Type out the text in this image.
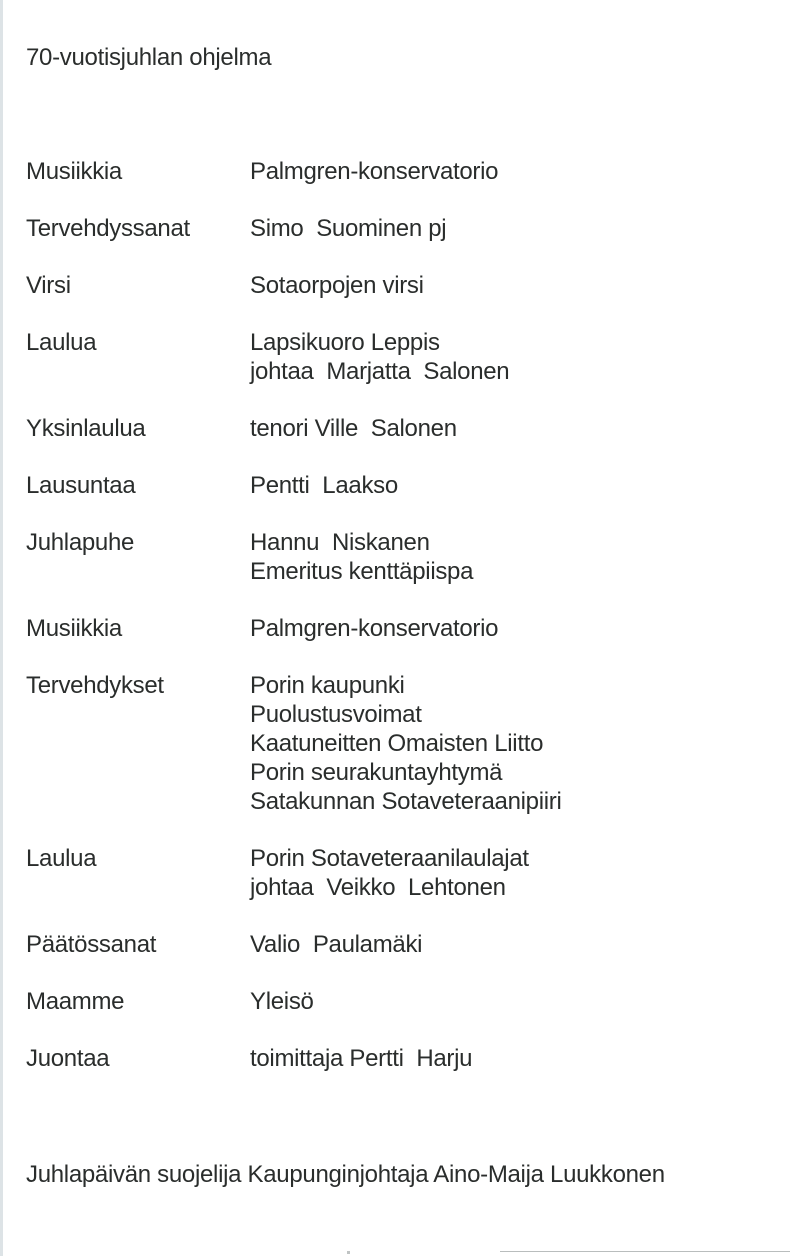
70-vuotisjuhlan ohjelma
Musiikkia	Palmgren-konservatorio
Tervehdyssanat	Simo  Suominen pj
Virsi	Sotaorpojen virsi
Laulua	Lapsikuoro Leppis
johtaa  Marjatta  Salonen
Yksinlaulua	tenori Ville  Salonen
Lausuntaa	Pentti  Laakso
Juhlapuhe	Hannu  Niskanen
Emeritus kenttäpiispa
Musiikkia	Palmgren-konservatorio
Tervehdykset	Porin kaupunki
Puolustusvoimat
Kaatuneitten Omaisten Liitto
Porin seurakuntayhtymä
Satakunnan Sotaveteraanipiiri
Laulua	Porin Sotaveteraanilaulajat
johtaa  Veikko  Lehtonen
Päätössanat	Valio  Paulamäki
Maamme	Yleisö
Juontaa	toimittaja Pertti  Harju
Juhlapäivän suojelija Kaupunginjohtaja Aino-Maija Luukkonen
